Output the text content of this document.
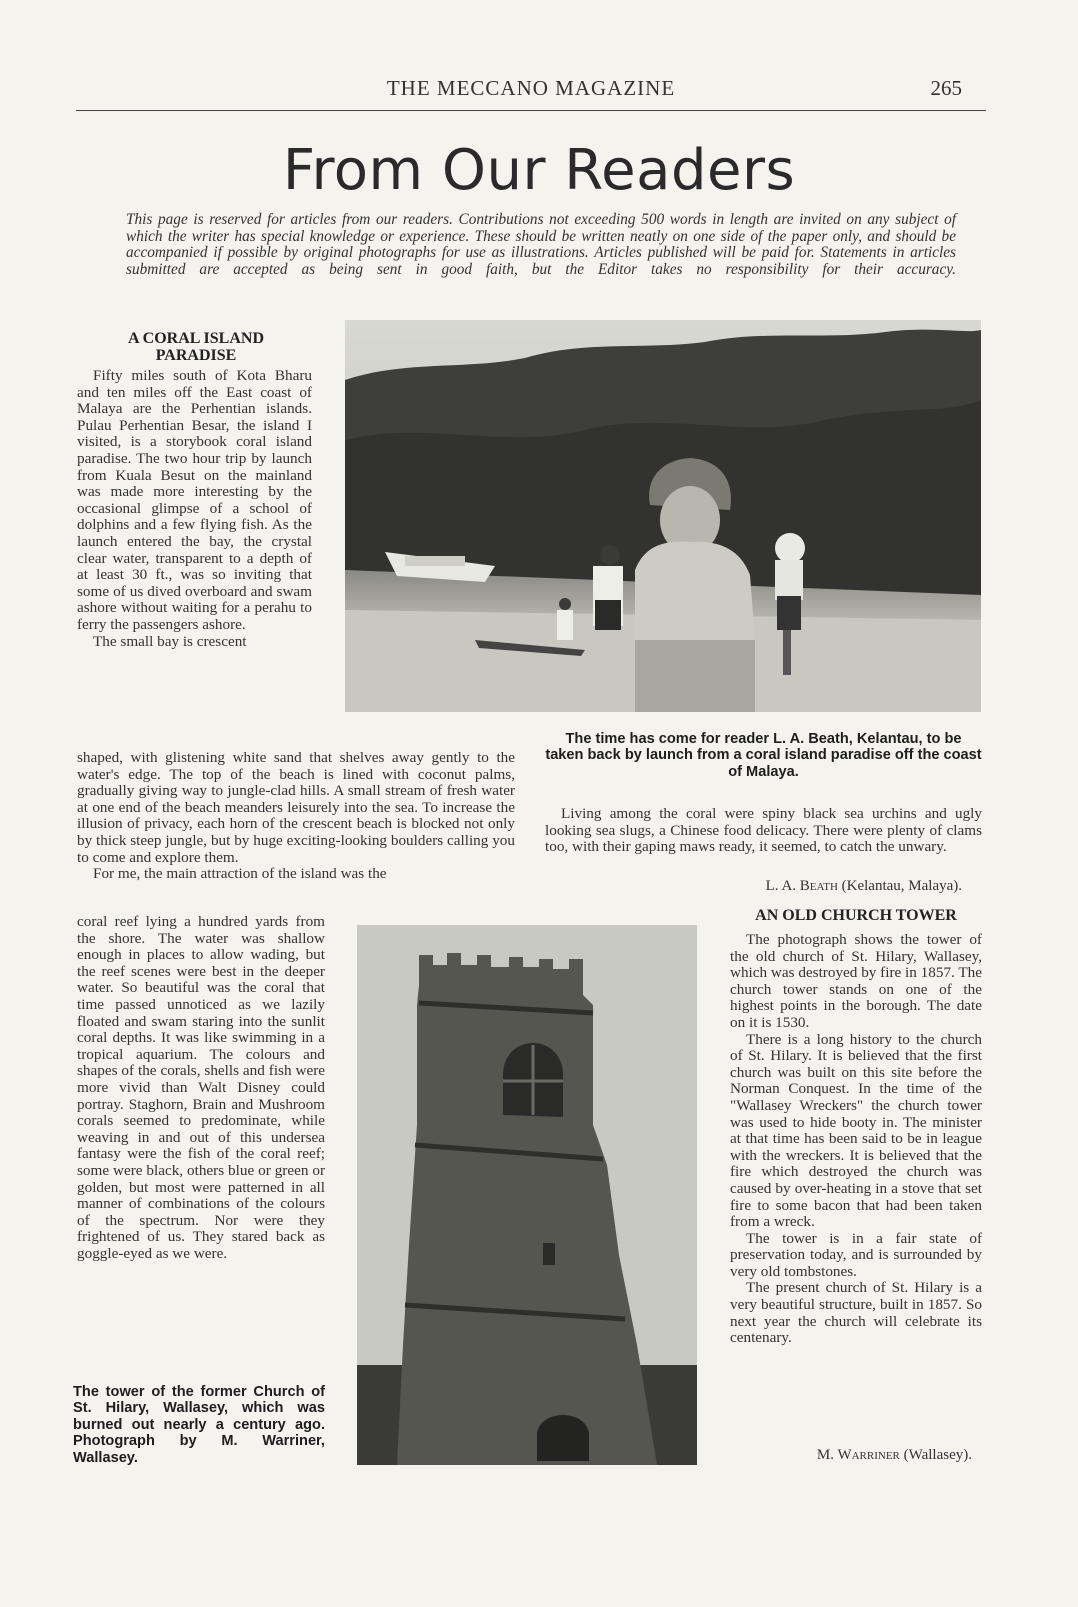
THE MECCANO MAGAZINE	265
From Our Readers
This page is reserved for articles from our readers. Contributions not exceeding 500 words in length are invited on any subject of which the writer has special knowledge or experience. These should be written neatly on one side of the paper only, and should be accompanied if possible by original photographs for use as illustrations. Articles published will be paid for. Statements in articles submitted are accepted as being sent in good faith, but the Editor takes no responsibility for their accuracy.
A CORAL ISLAND PARADISE

Fifty miles south of Kota Bharu and ten miles off the East coast of Malaya are the Perhentian islands. Pulau Perhentian Besar, the island I visited, is a storybook coral island paradise. The two hour trip by launch from Kuala Besut on the mainland was made more interesting by the occasional glimpse of a school of dolphins and a few flying fish. As the launch entered the bay, the crystal clear water, transparent to a depth of at least 30 ft., was so inviting that some of us dived overboard and swam ashore without waiting for a perahu to ferry the passengers ashore.

The small bay is crescent

shaped, with glistening white sand that shelves away gently to the water's edge. The top of the beach is lined with coconut palms, gradually giving way to jungle-clad hills. A small stream of fresh water at one end of the beach meanders leisurely into the sea. To increase the illusion of privacy, each horn of the crescent beach is blocked not only by thick steep jungle, but by huge exciting-looking boulders calling you to come and explore them.

For me, the main attraction of the island was the

coral reef lying a hundred yards from the shore. The water was shallow enough in places to allow wading, but the reef scenes were best in the deeper water. So beautiful was the coral that time passed unnoticed as we lazily floated and swam staring into the sunlit coral depths. It was like swimming in a tropical aquarium. The colours and shapes of the corals, shells and fish were more vivid than Walt Disney could portray. Staghorn, Brain and Mushroom corals seemed to predominate, while weaving in and out of this undersea fantasy were the fish of the coral reef; some were black, others blue or green or golden, but most were patterned in all manner of combinations of the colours of the spectrum. Nor were they frightened of us. They stared back as goggle-eyed as we were.

The time has come for reader L. A. Beath, Kelantau, to be taken back by launch from a coral island paradise off the coast of Malaya.

Living among the coral were spiny black sea urchins and ugly looking sea slugs, a Chinese food delicacy. There were plenty of clams too, with their gaping maws ready, it seemed, to catch the unwary.

L. A. Beath (Kelantau, Malaya).
AN OLD CHURCH TOWER

The photograph shows the tower of the old church of St. Hilary, Wallasey, which was destroyed by fire in 1857. The church tower stands on one of the highest points in the borough. The date on it is 1530.

There is a long history to the church of St. Hilary. It is believed that the first church was built on this site before the Norman Conquest. In the time of the "Wallasey Wreckers" the church tower was used to hide booty in. The minister at that time has been said to be in league with the wreckers. It is believed that the fire which destroyed the church was caused by over-heating in a stove that set fire to some bacon that had been taken from a wreck.

The tower is in a fair state of preservation today, and is surrounded by very old tombstones.

The present church of St. Hilary is a very beautiful structure, built in 1857. So next year the church will celebrate its centenary.

M. Warriner (Wallasey).
The tower of the former Church of St. Hilary, Wallasey, which was burned out nearly a century ago. Photograph by M. Warriner, Wallasey.
